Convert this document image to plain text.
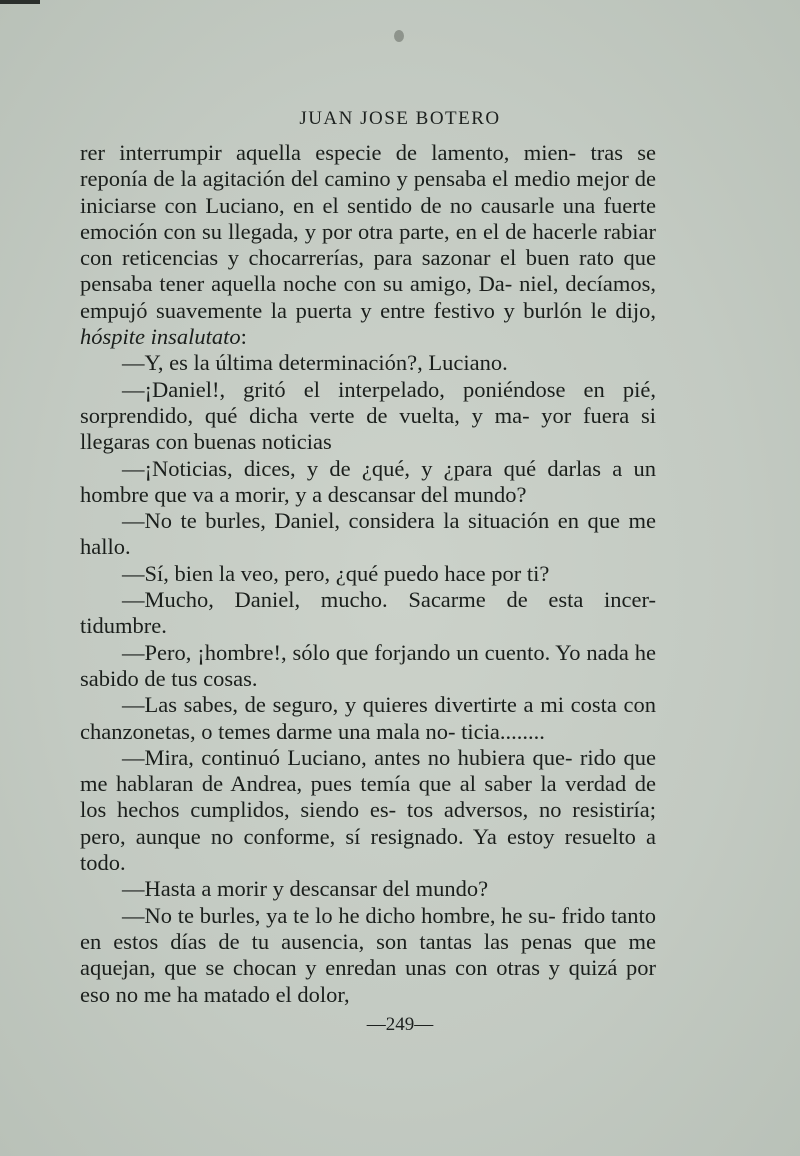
JUAN JOSE BOTERO

rer interrumpir aquella especie de lamento, mien- tras se reponía de la agitación del camino y pensaba el medio mejor de iniciarse con Luciano, en el sentido de no causarle una fuerte emoción con su llegada, y por otra parte, en el de hacerle rabiar con reticencias y chocarrerías, para sazonar el buen rato que pensaba tener aquella noche con su amigo, Da- niel, decíamos, empujó suavemente la puerta y entre festivo y burlón le dijo, hóspite insalutato:

—Y, es la última determinación?, Luciano.

—¡Daniel!, gritó el interpelado, poniéndose en pié, sorprendido, qué dicha verte de vuelta, y ma- yor fuera si llegaras con buenas noticias

—¡Noticias, dices, y de ¿qué, y ¿para qué darlas a un hombre que va a morir, y a descansar del mundo?

—No te burles, Daniel, considera la situación en que me hallo.

—Sí, bien la veo, pero, ¿qué puedo hace por ti?

—Mucho, Daniel, mucho. Sacarme de esta incer- tidumbre.

—Pero, ¡hombre!, sólo que forjando un cuento. Yo nada he sabido de tus cosas.

—Las sabes, de seguro, y quieres divertirte a mi costa con chanzonetas, o temes darme una mala no- ticia........

—Mira, continuó Luciano, antes no hubiera que- rido que me hablaran de Andrea, pues temía que al saber la verdad de los hechos cumplidos, siendo es- tos adversos, no resistiría; pero, aunque no conforme, sí resignado. Ya estoy resuelto a todo.

—Hasta a morir y descansar del mundo?

—No te burles, ya te lo he dicho hombre, he su- frido tanto en estos días de tu ausencia, son tantas las penas que me aquejan, que se chocan y enredan unas con otras y quizá por eso no me ha matado el dolor,

—249—
